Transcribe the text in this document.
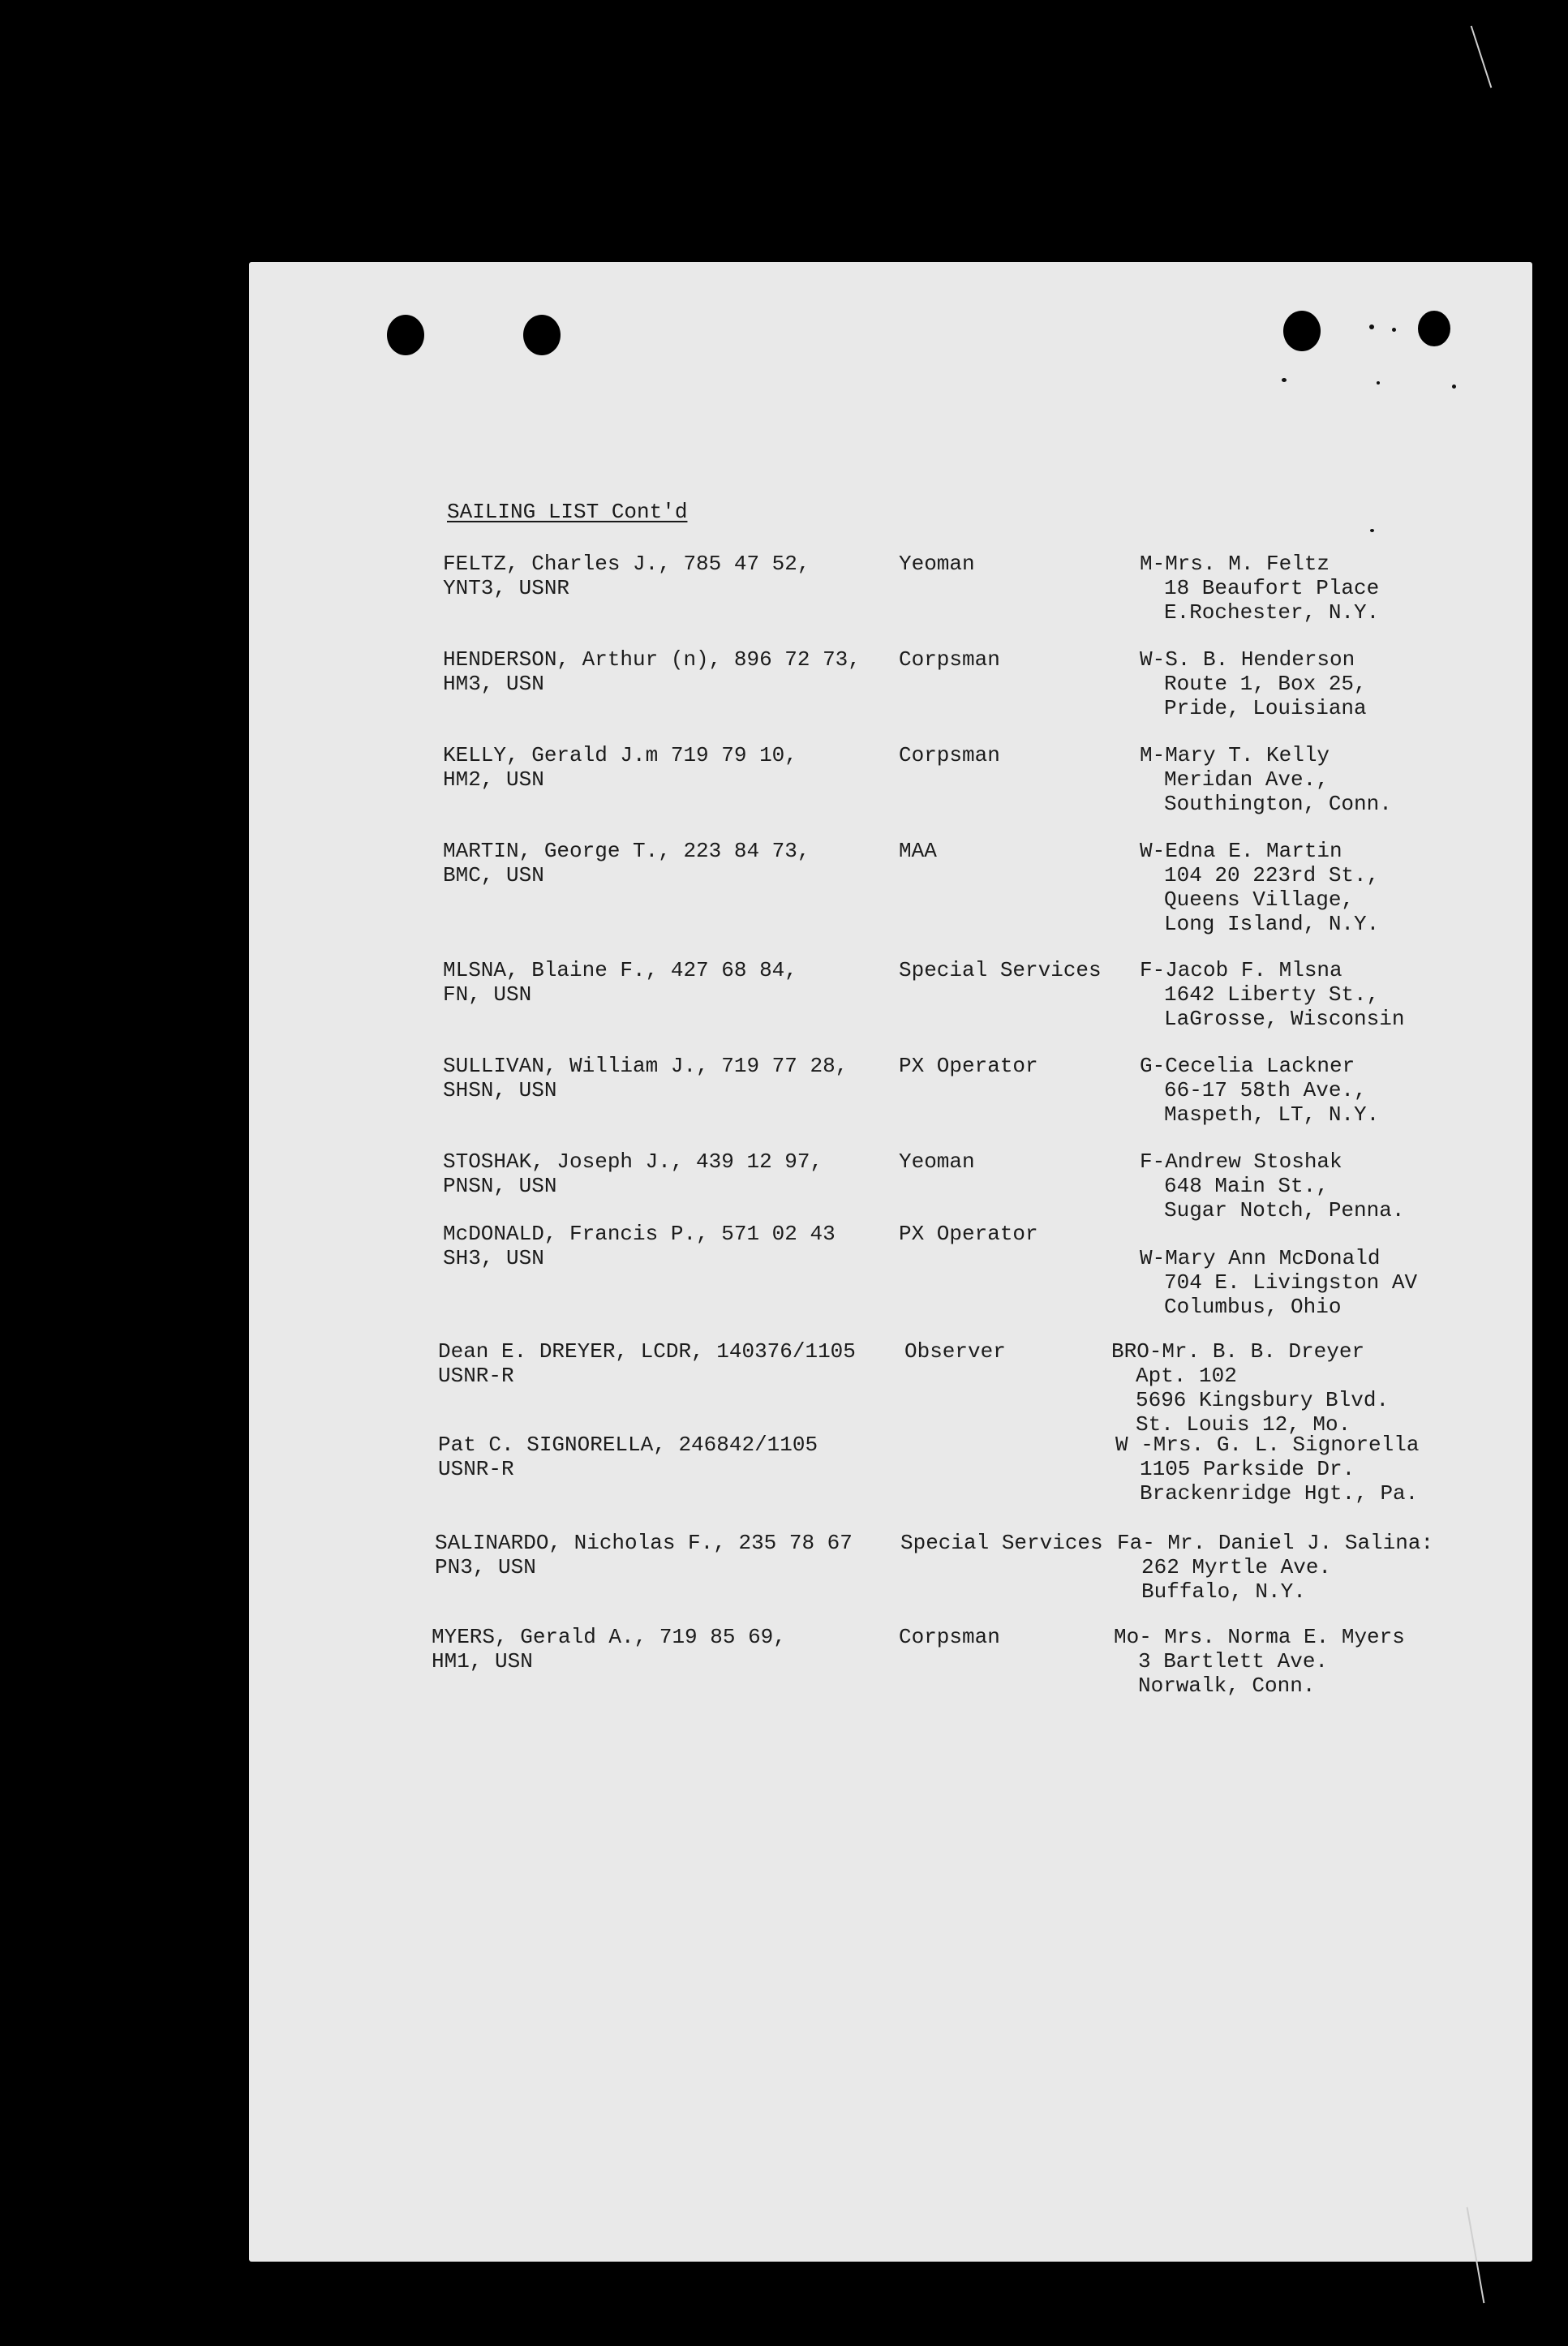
SAILING LIST Cont'd
FELTZ, Charles J., 785 47 52,
YNT3, USNR
Yeoman	M-Mrs. M. Feltz
18 Beaufort Place
E.Rochester, N.Y.
HENDERSON, Arthur (n), 896 72 73,
HM3, USN
Corpsman	W-S. B. Henderson
Route 1, Box 25,
Pride, Louisiana
KELLY, Gerald J.m 719 79 10,
HM2, USN
Corpsman	M-Mary T. Kelly
Meridan Ave.,
Southington, Conn.
MARTIN, George T., 223 84 73,
BMC, USN
MAA	W-Edna E. Martin
104 20 223rd St.,
Queens Village,
Long Island, N.Y.
MLSNA, Blaine F., 427 68 84,
FN, USN
Special Services F-Jacob F. Mlsna
1642 Liberty St.,
LaGrosse, Wisconsin
SULLIVAN, William J., 719 77 28,
SHSN, USN
PX Operator	G-Cecelia Lackner
66-17 58th Ave.,
Maspeth, LT, N.Y.
STOSHAK, Joseph J., 439 12 97,
PNSN, USN
Yeoman	F-Andrew Stoshak
648 Main St.,
Sugar Notch, Penna.
McDONALD, Francis P., 571 02 43
SH3, USN
PX Operator
W-Mary Ann McDonald
704 E. Livingston AV
Columbus, Ohio
Dean E. DREYER, LCDR, 140376/1105
USNR-R
Observer	BRO-Mr. B. B. Dreyer
Apt. 102
5696 Kingsbury Blvd.
St. Louis 12, Mo.
Pat C. SIGNORELLA, 246842/1105
USNR-R
W -Mrs. G. L. Signorella
1105 Parkside Dr.
Brackenridge Hgt., Pa.
SALINARDO, Nicholas F., 235 78 67
PN3, USN
Special Services Fa- Mr. Daniel J. Salina:
262 Myrtle Ave.
Buffalo, N.Y.
MYERS, Gerald A., 719 85 69,
HM1, USN
Corpsman	Mo- Mrs. Norma E. Myers
3 Bartlett Ave.
Norwalk, Conn.
